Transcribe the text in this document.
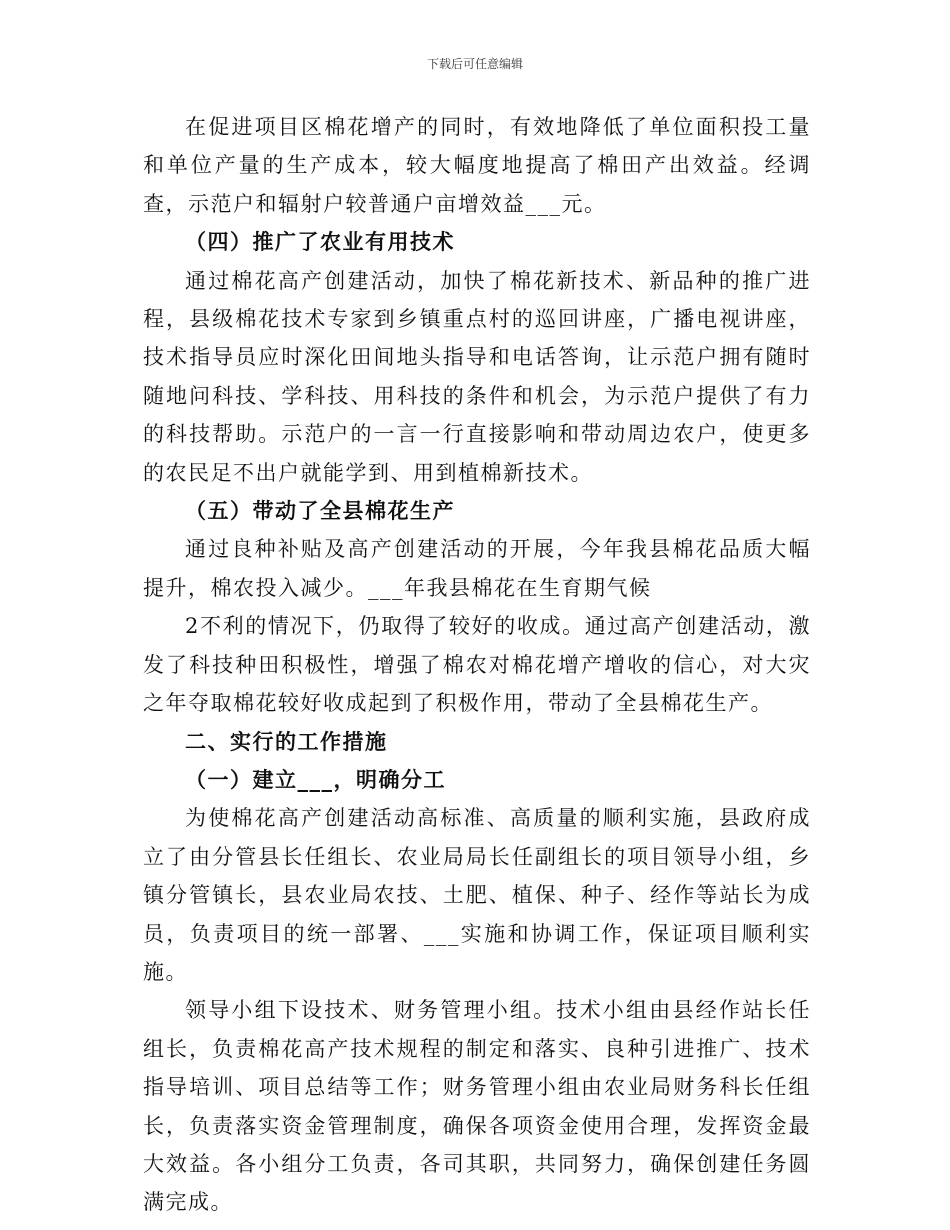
下载后可任意编辑

在促进项目区棉花增产的同时，有效地降低了单位面积投工量和单位产量的生产成本，较大幅度地提高了棉田产出效益。经调查，示范户和辐射户较普通户亩增效益___元。

（四）推广了农业有用技术

通过棉花高产创建活动，加快了棉花新技术、新品种的推广进程，县级棉花技术专家到乡镇重点村的巡回讲座，广播电视讲座，技术指导员应时深化田间地头指导和电话答询，让示范户拥有随时随地问科技、学科技、用科技的条件和机会，为示范户提供了有力的科技帮助。示范户的一言一行直接影响和带动周边农户，使更多的农民足不出户就能学到、用到植棉新技术。

（五）带动了全县棉花生产

通过良种补贴及高产创建活动的开展，今年我县棉花品质大幅提升，棉农投入减少。___年我县棉花在生育期气候

2不利的情况下，仍取得了较好的收成。通过高产创建活动，激发了科技种田积极性，增强了棉农对棉花增产增收的信心，对大灾之年夺取棉花较好收成起到了积极作用，带动了全县棉花生产。

二、实行的工作措施

（一）建立___，明确分工

为使棉花高产创建活动高标准、高质量的顺利实施，县政府成立了由分管县长任组长、农业局局长任副组长的项目领导小组，乡镇分管镇长，县农业局农技、土肥、植保、种子、经作等站长为成员，负责项目的统一部署、___实施和协调工作，保证项目顺利实施。

领导小组下设技术、财务管理小组。技术小组由县经作站长任组长，负责棉花高产技术规程的制定和落实、良种引进推广、技术指导培训、项目总结等工作；财务管理小组由农业局财务科长任组长，负责落实资金管理制度，确保各项资金使用合理，发挥资金最大效益。各小组分工负责，各司其职，共同努力，确保创建任务圆满完成。
